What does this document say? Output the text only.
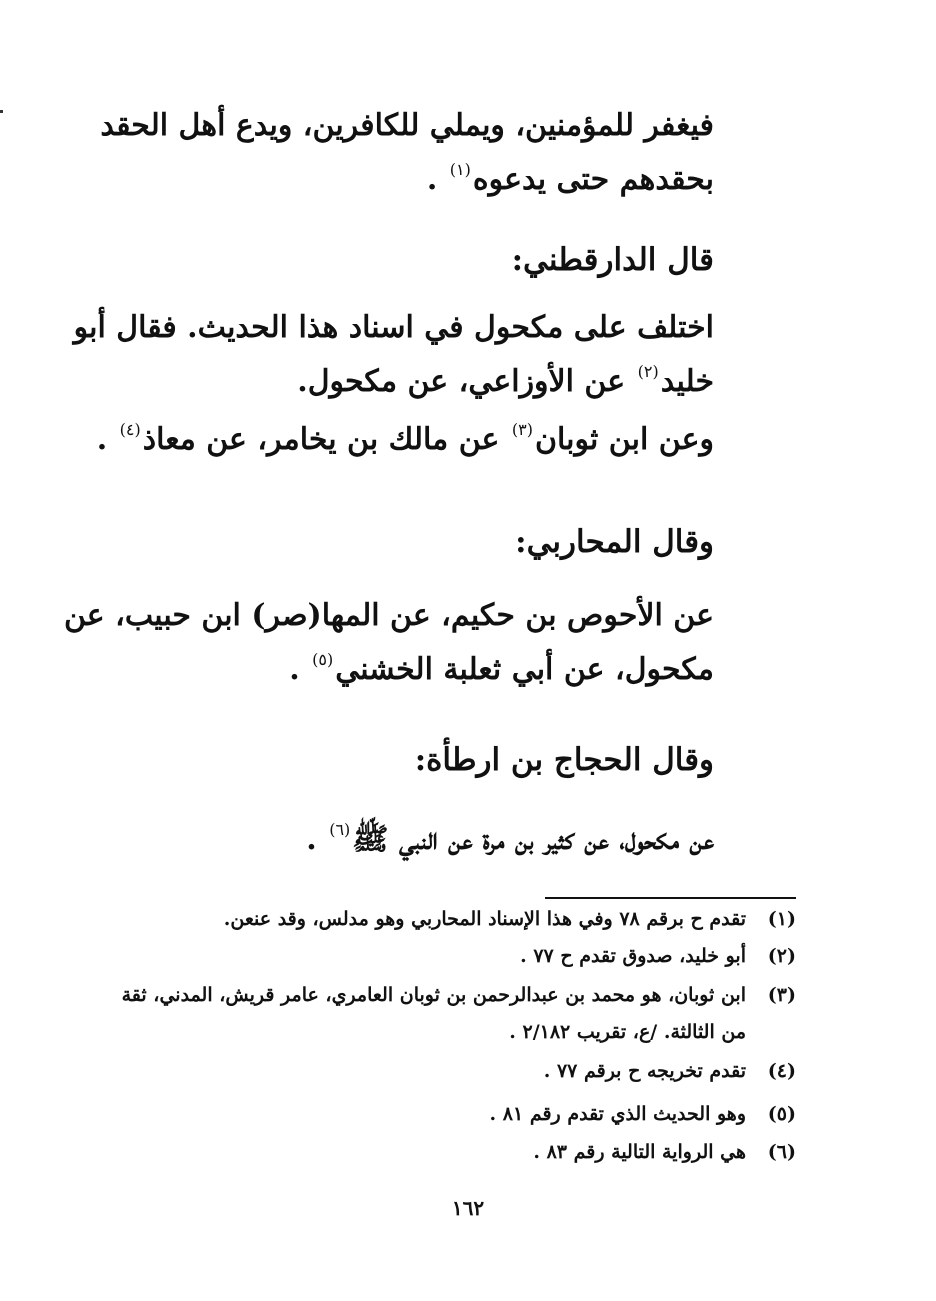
فيغفر للمؤمنين، ويملي للكافرين، ويدع أهل الحقد
بحقدهم حتى يدعوه$^{(١)}$ .
قال الدارقطني:
اختلف على مكحول في اسناد هذا الحديث. فقال أبو
خليد$^{(٢)}$ عن الأوزاعي، عن مكحول.
وعن ابن ثوبان$^{(٣)}$ عن مالك بن يخامر، عن معاذ$^{(٤)}$ .
وقال المحاربي:
عن الأحوص بن حكيم، عن المها(صر) ابن حبيب، عن
مكحول، عن أبي ثعلبة الخشني$^{(٥)}$ .
وقال الحجاج بن ارطأة:
عن مكحول، عن كثير بن مرة عن النبي ﷺ$^{(٦)}$ .
(١)تقدم ح برقم ٧٨ وفي هذا الإسناد المحاربي وهو مدلس، وقد عنعن.
(٢)أبو خليد، صدوق تقدم ح ٧٧ .
(٣)ابن ثوبان، هو محمد بن عبدالرحمن بن ثوبان العامري، عامر قريش، المدني، ثقة
من الثالثة. /ع، تقريب ٢/١٨٢ .
(٤)تقدم تخريجه ح برقم ٧٧ .
(٥)وهو الحديث الذي تقدم رقم ٨١ .
(٦)هي الرواية التالية رقم ٨٣ .
١٦٢
